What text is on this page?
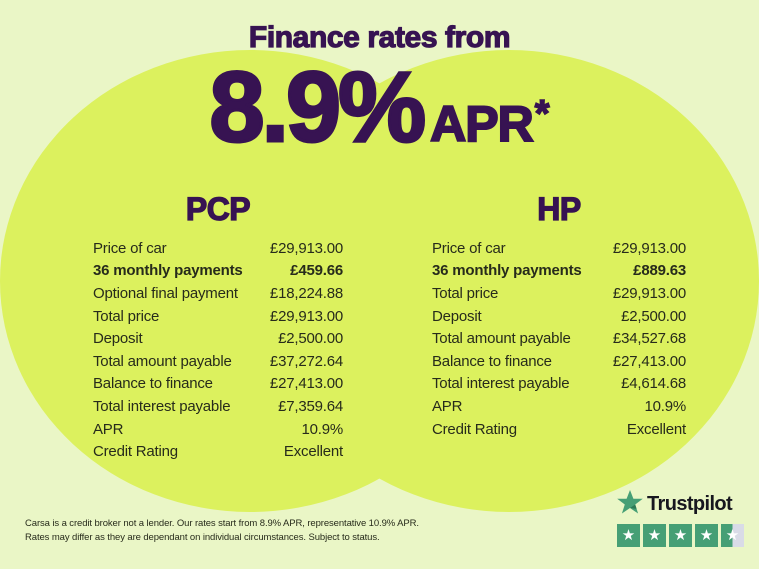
Finance rates from
8.9% APR *
PCP	HP
Price of car	£29,913.00
36 monthly payments	£459.66
Optional final payment £18,224.88
Total price	£29,913.00
Deposit	£2,500.00
Total amount payable	£37,272.64
Balance to finance	£27,413.00
Total interest payable	£7,359.64
APR	10.9%
Credit Rating	Excellent
Price of car	£29,913.00
36 monthly payments	£889.63
Total price	£29,913.00
Deposit	£2,500.00
Total amount payable	£34,527.68
Balance to finance	£27,413.00
Total interest payable	£4,614.68
APR	10.9%
Credit Rating	Excellent
Carsa is a credit broker not a lender. Our rates start from 8.9% APR, representative 10.9% APR.
Rates may differ as they are dependant on individual circumstances. Subject to status.
Trustpilot
★ ★ ★ ★ ★
